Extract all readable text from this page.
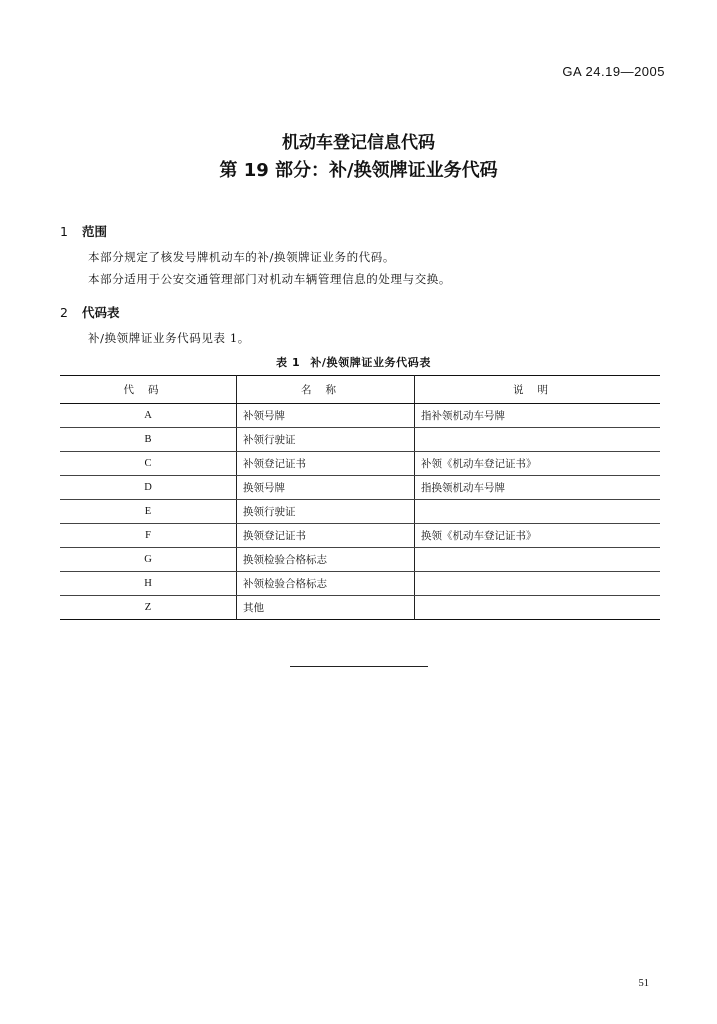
GA 24.19—2005
机动车登记信息代码
第 19 部分：补/换领牌证业务代码
1 范围
本部分规定了核发号牌机动车的补/换领牌证业务的代码。
本部分适用于公安交通管理部门对机动车辆管理信息的处理与交换。
2 代码表
补/换领牌证业务代码见表 1。
表 1 补/换领牌证业务代码表
代码	名称	说明
A	补领号牌	指补领机动车号牌
B	补领行驶证	
C	补领登记证书	补领《机动车登记证书》
D	换领号牌	指换领机动车号牌
E	换领行驶证	
F	换领登记证书	换领《机动车登记证书》
G	换领检验合格标志	
H	补领检验合格标志	
Z	其他	
51
